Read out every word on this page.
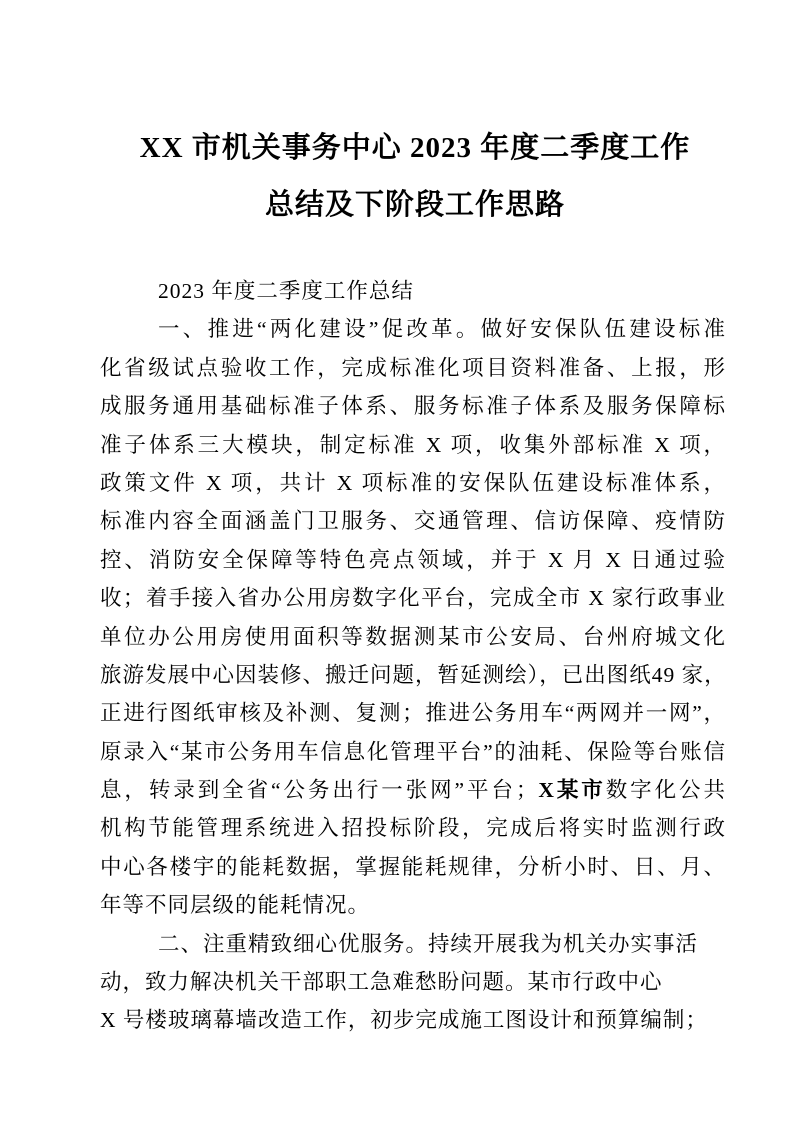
XX 市机关事务中心 2023 年度二季度工作
总结及下阶段工作思路
2023 年度二季度工作总结
一、推进“两化建设”促改革。做好安保队伍建设标准
化省级试点验收工作，完成标准化项目资料准备、上报，形
成服务通用基础标准子体系、服务标准子体系及服务保障标
准子体系三大模块，制定标准 X 项，收集外部标准 X 项，
政策文件 X 项，共计 X 项标准的安保队伍建设标准体系，
标准内容全面涵盖门卫服务、交通管理、信访保障、疫情防
控、消防安全保障等特色亮点领域，并于 X 月 X 日通过验
收；着手接入省办公用房数字化平台，完成全市 X 家行政事业
单位办公用房使用面积等数据测某市公安局、台州府城文化
旅游发展中心因装修、搬迁问题，暂延测绘），已出图纸49 家，
正进行图纸审核及补测、复测；推进公务用车“两网并一网”，
原录入“某市公务用车信息化管理平台”的油耗、保险等台账信
息，转录到全省“公务出行一张网”平台；X某市数字化公共
机构节能管理系统进入招投标阶段，完成后将实时监测行政
中心各楼宇的能耗数据，掌握能耗规律，分析小时、日、月、
年等不同层级的能耗情况。
二、注重精致细心优服务。持续开展我为机关办实事活
动，致力解决机关干部职工急难愁盼问题。某市行政中心
X 号楼玻璃幕墙改造工作，初步完成施工图设计和预算编制；
